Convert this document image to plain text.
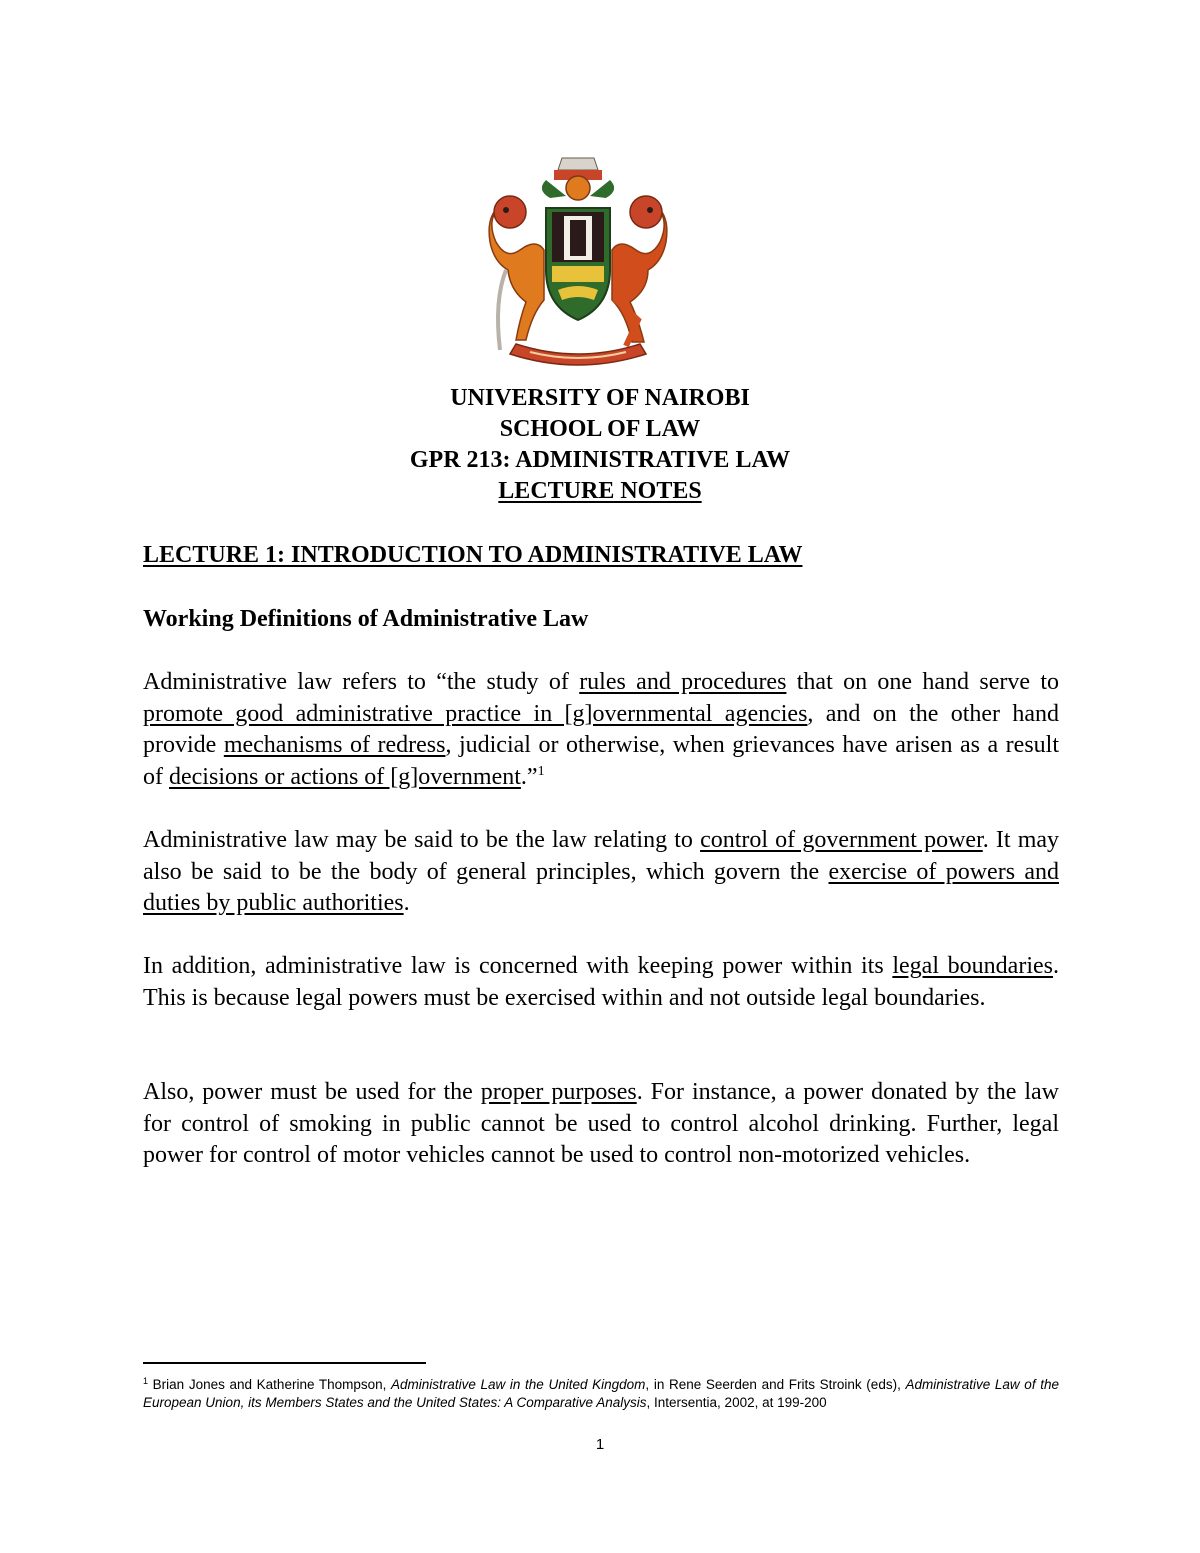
UNIVERSITY OF NAIROBI
SCHOOL OF LAW
GPR 213: ADMINISTRATIVE LAW
LECTURE NOTES
LECTURE 1: INTRODUCTION TO ADMINISTRATIVE LAW
Working Definitions of Administrative Law

Administrative law refers to “the study of rules and procedures that on one hand serve to promote good administrative practice in [g]overnmental agencies, and on the other hand provide mechanisms of redress, judicial or otherwise, when grievances have arisen as a result of decisions or actions of [g]overnment.”$^1$

Administrative law may be said to be the law relating to control of government power. It may also be said to be the body of general principles, which govern the exercise of powers and duties by public authorities.

In addition, administrative law is concerned with keeping power within its legal boundaries. This is because legal powers must be exercised within and not outside legal boundaries.

Also, power must be used for the proper purposes. For instance, a power donated by the law for control of smoking in public cannot be used to control alcohol drinking. Further, legal power for control of motor vehicles cannot be used to control non-motorized vehicles.

$^1$ Brian Jones and Katherine Thompson, Administrative Law in the United Kingdom, in Rene Seerden and Frits Stroink (eds), Administrative Law of the European Union, its Members States and the United States: A Comparative Analysis, Intersentia, 2002, at 199-200

1
